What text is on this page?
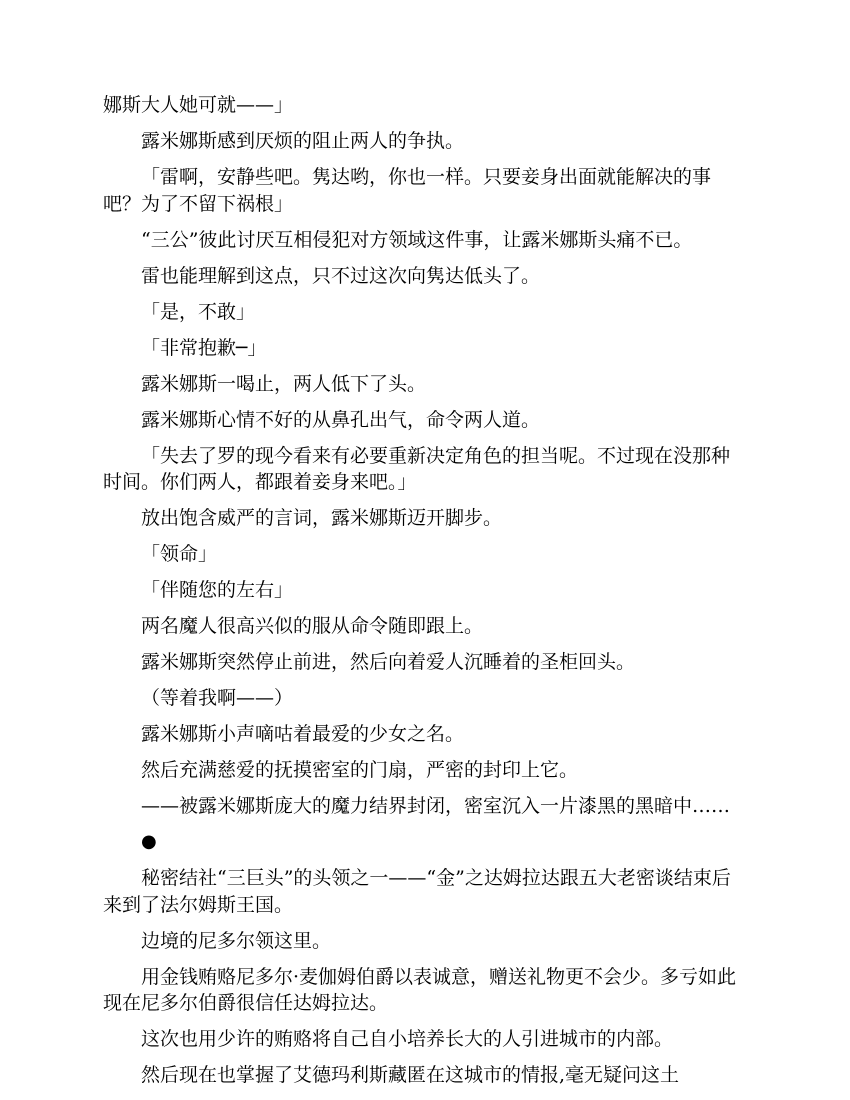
娜斯大人她可就——」

露米娜斯感到厌烦的阻止两人的争执。

「雷啊，安静些吧。隽达哟，你也一样。只要妾身出面就能解决的事吧？为了不留下祸根」

“三公”彼此讨厌互相侵犯对方领域这件事，让露米娜斯头痛不已。

雷也能理解到这点，只不过这次向隽达低头了。

「是，不敢」

「非常抱歉─」

露米娜斯一喝止，两人低下了头。

露米娜斯心情不好的从鼻孔出气，命令两人道。

「失去了罗的现今看来有必要重新决定角色的担当呢。不过现在没那种时间。你们两人，都跟着妾身来吧。」

放出饱含威严的言词，露米娜斯迈开脚步。

「领命」

「伴随您的左右」

两名魔人很高兴似的服从命令随即跟上。

露米娜斯突然停止前进，然后向着爱人沉睡着的圣柜回头。

（等着我啊——）

露米娜斯小声嘀咕着最爱的少女之名。

然后充满慈爱的抚摸密室的门扇，严密的封印上它。

——被露米娜斯庞大的魔力结界封闭，密室沉入一片漆黑的黑暗中……

●

秘密结社“三巨头”的头领之一——“金”之达姆拉达跟五大老密谈结束后来到了法尔姆斯王国。

边境的尼多尔领这里。

用金钱贿赂尼多尔·麦伽姆伯爵以表诚意，赠送礼物更不会少。多亏如此现在尼多尔伯爵很信任达姆拉达。

这次也用少许的贿赂将自己自小培养长大的人引进城市的内部。

然后现在也掌握了艾德玛利斯藏匿在这城市的情报,毫无疑问这土
